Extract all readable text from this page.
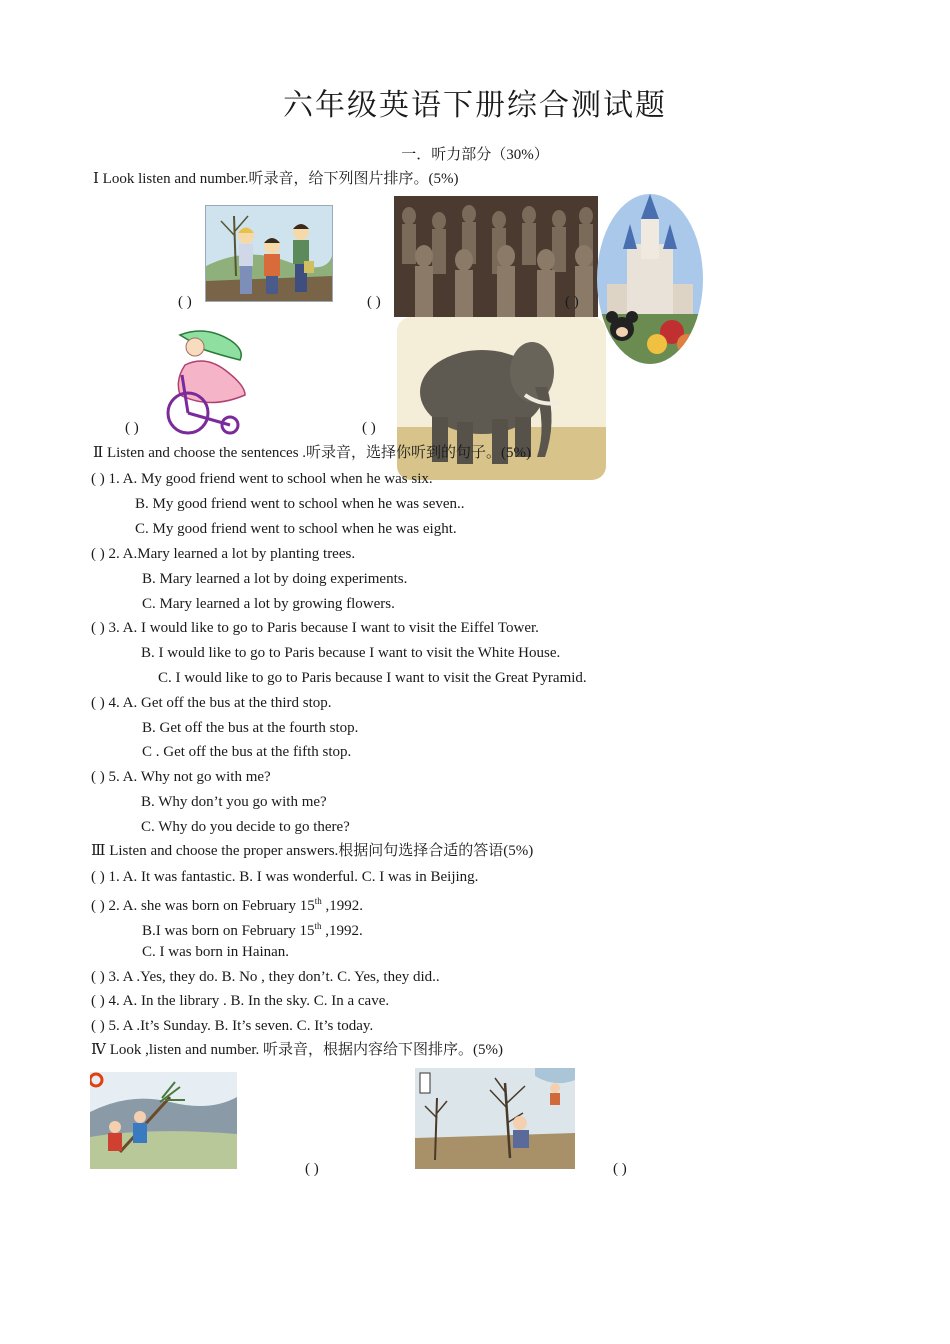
六年级英语下册综合测试题
一．听力部分（30%）
Ⅰ Look listen and number.听录音，给下列图片排序。(5%)
( )	( )	( )
( )	( )
Ⅱ Listen and choose the sentences .听录音，选择你听到的句子。(5%)
( ) 1. A. My good friend went to school when he was six.
B. My good friend went to school when he was seven..
C. My good friend went to school when he was eight.
( ) 2. A.Mary learned a lot by planting trees.
B. Mary learned a lot by doing experiments.
C. Mary learned a lot by growing flowers.
( ) 3. A. I would like to go to Paris because I want to visit the Eiffel Tower.
B. I would like to go to Paris because I want to visit the White House.
C. I would like to go to Paris because I want to visit the Great Pyramid.
( ) 4. A. Get off the bus at the third stop.
B. Get off the bus at the fourth stop.
C . Get off the bus at the fifth stop.
( ) 5. A. Why not go with me?
B. Why don’t you go with me?
C. Why do you decide to go there?
Ⅲ Listen and choose the proper answers.根据问句选择合适的答语(5%)
( ) 1. A. It was fantastic. B. I was wonderful. C. I was in Beijing.
( ) 2. A. she was born on February 15th ,1992.
B.I was born on February 15th ,1992.
C. I was born in Hainan.
( ) 3. A .Yes, they do. B. No , they don’t. C. Yes, they did..
( ) 4. A. In the library . B. In the sky. C. In a cave.
( ) 5. A .It’s Sunday. B. It’s seven. C. It’s today.
Ⅳ Look ,listen and number. 听录音，根据内容给下图排序。(5%)
( )	( )
